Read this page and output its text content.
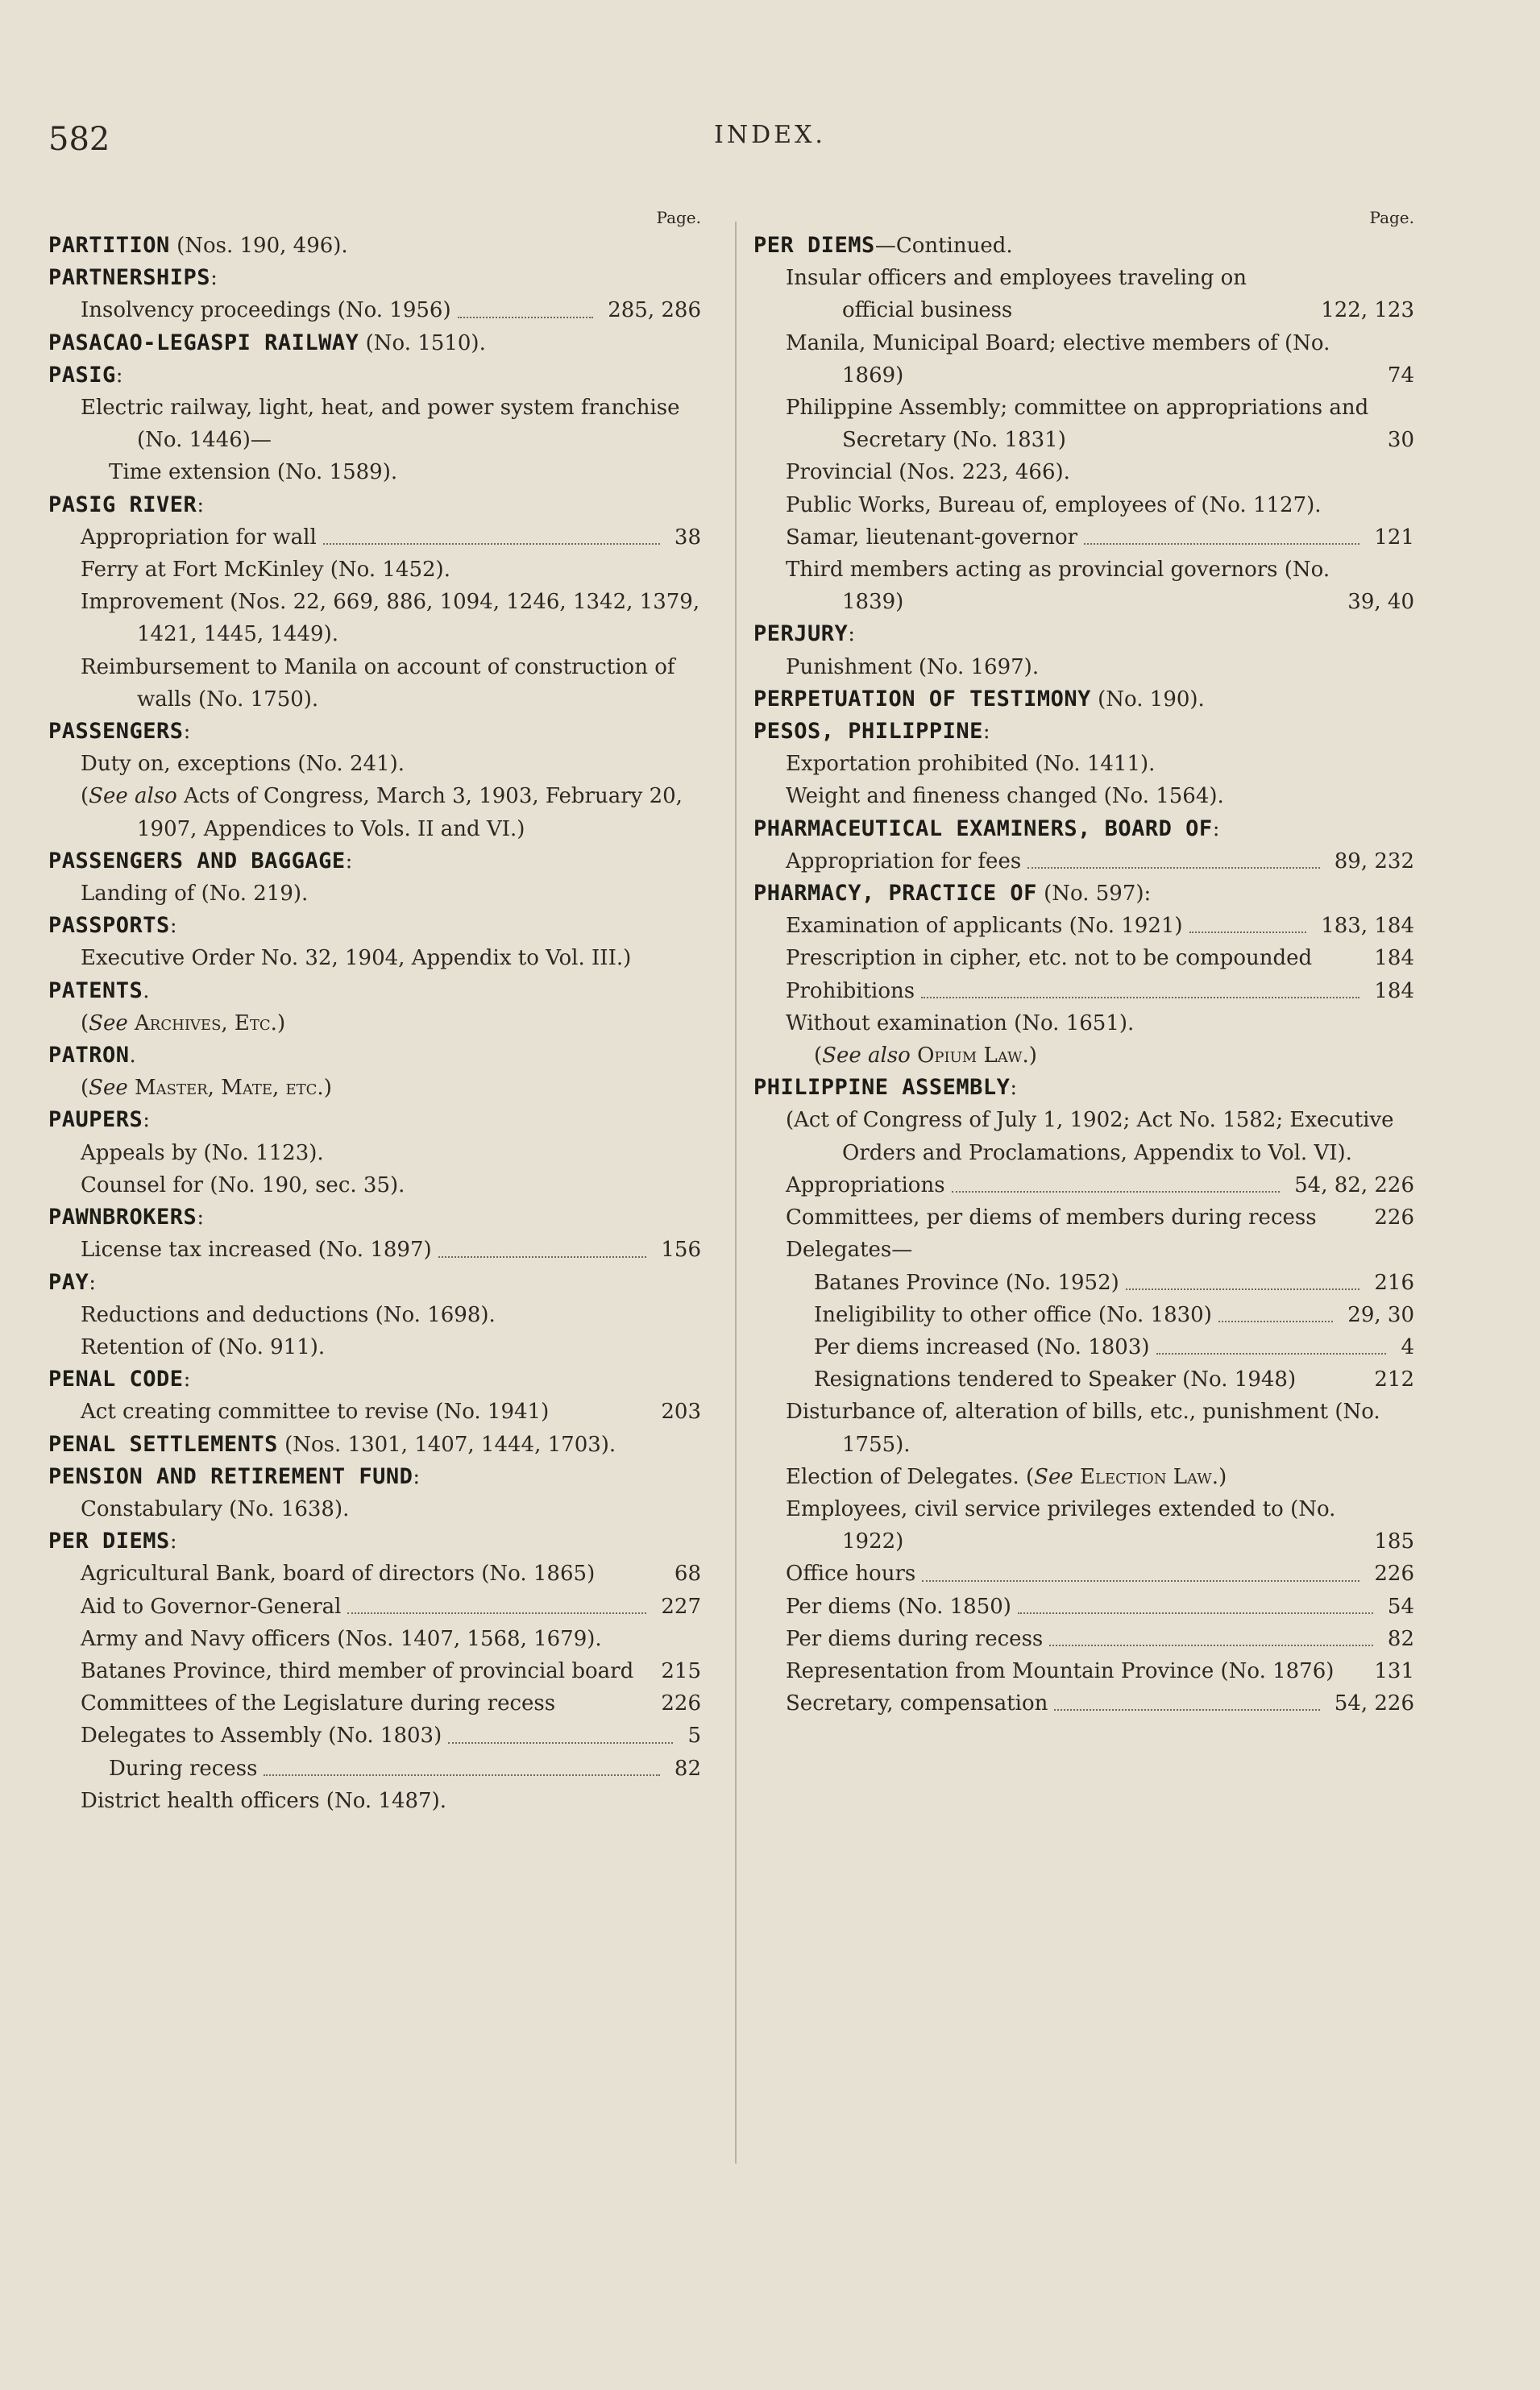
582	INDEX.
Page.
PARTITION (Nos. 190, 496).
PARTNERSHIPS:
Insolvency proceedings (No. 1956)	285, 286
PASACAO-LEGASPI RAILWAY (No. 1510).
PASIG:
Electric railway, light, heat, and power system franchise (No. 1446)—
Time extension (No. 1589).
PASIG RIVER:
Appropriation for wall	38
Ferry at Fort McKinley (No. 1452).
Improvement (Nos. 22, 669, 886, 1094, 1246, 1342, 1379, 1421, 1445, 1449).
Reimbursement to Manila on account of construction of walls (No. 1750).
PASSENGERS:
Duty on, exceptions (No. 241).
(See also Acts of Congress, March 3, 1903, February 20, 1907, Appendices to Vols. II and VI.)
PASSENGERS AND BAGGAGE:
Landing of (No. 219).
PASSPORTS:
Executive Order No. 32, 1904, Appendix to Vol. III.)
PATENTS.
(See Archives, Etc.)
PATRON.
(See Master, Mate, etc.)
PAUPERS:
Appeals by (No. 1123).
Counsel for (No. 190, sec. 35).
PAWNBROKERS:
License tax increased (No. 1897)	156
PAY:
Reductions and deductions (No. 1698).
Retention of (No. 911).
PENAL CODE:
Act creating committee to revise (No. 1941)	203
PENAL SETTLEMENTS (Nos. 1301, 1407, 1444, 1703).
PENSION AND RETIREMENT FUND:
Constabulary (No. 1638).
PER DIEMS:
Agricultural Bank, board of directors (No. 1865)	68
Aid to Governor-General	227
Army and Navy officers (Nos. 1407, 1568, 1679).
Batanes Province, third member of provincial board	215
Committees of the Legislature during recess	226
Delegates to Assembly (No. 1803)	5
During recess	82
District health officers (No. 1487).
Page.
PER DIEMS—Continued.
Insular officers and employees traveling on official business	122, 123
Manila, Municipal Board; elective members of (No. 1869)	74
Philippine Assembly; committee on appropriations and Secretary (No. 1831)	30
Provincial (Nos. 223, 466).
Public Works, Bureau of, employees of (No. 1127).
Samar, lieutenant-governor	121
Third members acting as provincial governors (No. 1839)	39, 40
PERJURY:
Punishment (No. 1697).
PERPETUATION OF TESTIMONY (No. 190).
PESOS, PHILIPPINE:
Exportation prohibited (No. 1411).
Weight and fineness changed (No. 1564).
PHARMACEUTICAL EXAMINERS, BOARD OF:
Appropriation for fees	89, 232
PHARMACY, PRACTICE OF (No. 597):
Examination of applicants (No. 1921)	183, 184
Prescription in cipher, etc. not to be compounded	184
Prohibitions	184
Without examination (No. 1651).
(See also Opium Law.)
PHILIPPINE ASSEMBLY:
(Act of Congress of July 1, 1902; Act No. 1582; Executive Orders and Proclamations, Appendix to Vol. VI).
Appropriations	54, 82, 226
Committees, per diems of members during recess	226
Delegates—
Batanes Province (No. 1952)	216
Ineligibility to other office (No. 1830)	29, 30
Per diems increased (No. 1803)	4
Resignations tendered to Speaker (No. 1948)	212
Disturbance of, alteration of bills, etc., punishment (No. 1755).
Election of Delegates. (See Election Law.)
Employees, civil service privileges extended to (No. 1922)	185
Office hours	226
Per diems (No. 1850)	54
Per diems during recess	82
Representation from Mountain Province (No. 1876)	131
Secretary, compensation	54, 226
